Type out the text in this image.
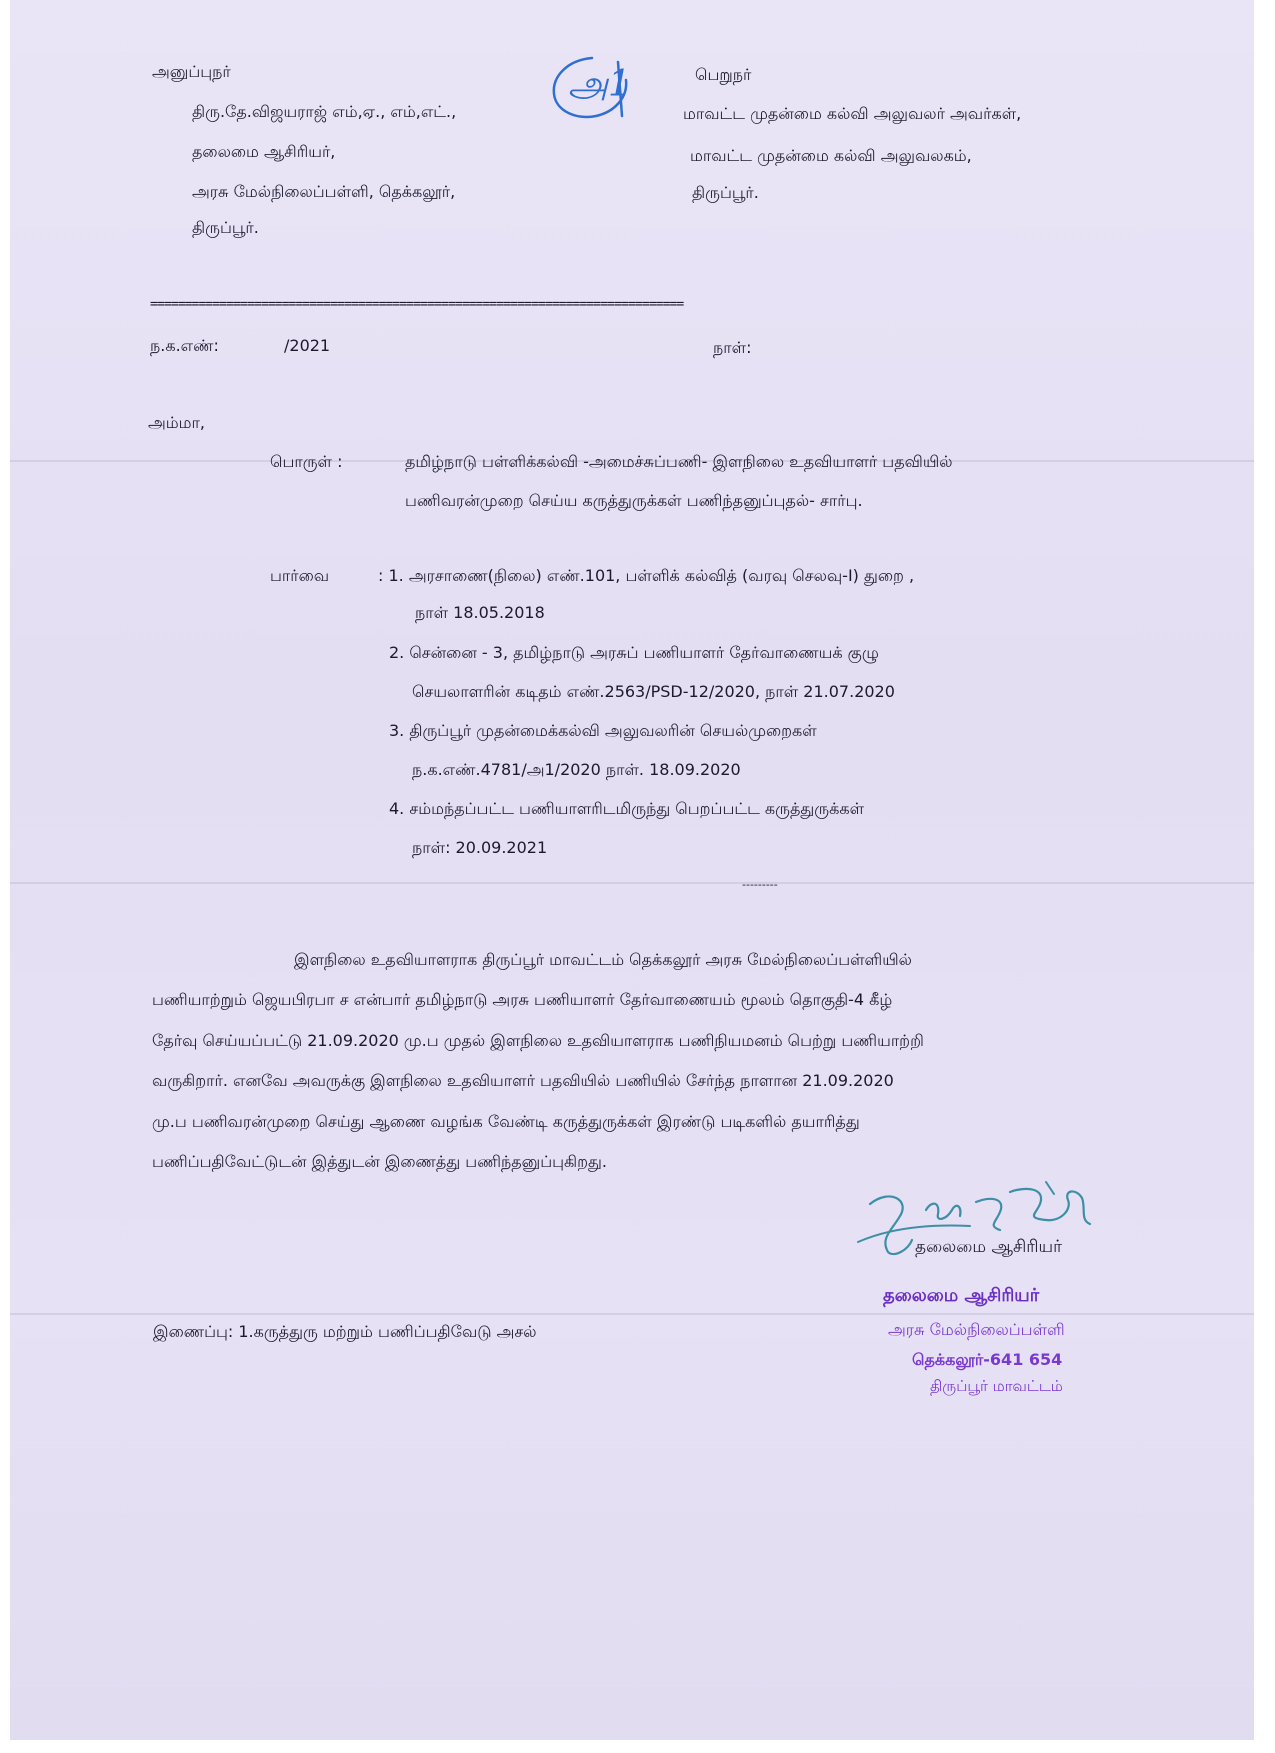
அனுப்புநர்
திரு.தே.விஜயராஜ் எம்,ஏ., எம்,எட்.,
தலைமை ஆசிரியர்,
அரசு மேல்நிலைப்பள்ளி, தெக்கலூர்,
திருப்பூர்.
அ1	பெறுநர்
மாவட்ட முதன்மை கல்வி அலுவலர் அவர்கள்,
மாவட்ட முதன்மை கல்வி அலுவலகம்,
திருப்பூர்.
=============================================================================
ந.க.எண்:	/2021	நாள்:
அம்மா,
பொருள் :	தமிழ்நாடு பள்ளிக்கல்வி -அமைச்சுப்பணி- இளநிலை உதவியாளர் பதவியில்
பணிவரன்முறை செய்ய கருத்துருக்கள் பணிந்தனுப்புதல்- சார்பு.
பார்வை	: 1. அரசாணை(நிலை) எண்.101, பள்ளிக் கல்வித் (வரவு செலவு-I) துறை ,
நாள் 18.05.2018
2. சென்னை - 3, தமிழ்நாடு அரசுப் பணியாளர் தேர்வாணையக் குழு
செயலாளரின் கடிதம் எண்.2563/PSD-12/2020, நாள் 21.07.2020
3. திருப்பூர் முதன்மைக்கல்வி அலுவலரின் செயல்முறைகள்
ந.க.எண்.4781/அ1/2020 நாள். 18.09.2020
4. சம்மந்தப்பட்ட பணியாளரிடமிருந்து பெறப்பட்ட கருத்துருக்கள்
நாள்: 20.09.2021
---------
இளநிலை உதவியாளராக திருப்பூர் மாவட்டம் தெக்கலூர் அரசு மேல்நிலைப்பள்ளியில்
பணியாற்றும் ஜெயபிரபா ச என்பார் தமிழ்நாடு அரசு பணியாளர் தேர்வாணையம் மூலம் தொகுதி-4 கீழ்
தேர்வு செய்யப்பட்டு 21.09.2020 மு.ப முதல் இளநிலை உதவியாளராக பணிநியமனம் பெற்று பணியாற்றி
வருகிறார். எனவே அவருக்கு இளநிலை உதவியாளர் பதவியில் பணியில் சேர்ந்த நாளான 21.09.2020
மு.ப பணிவரன்முறை செய்து ஆணை வழங்க வேண்டி கருத்துருக்கள் இரண்டு படிகளில் தயாரித்து
பணிப்பதிவேட்டுடன் இத்துடன் இணைத்து பணிந்தனுப்புகிறது.
தலைமை ஆசிரியர்
இணைப்பு: 1.கருத்துரு மற்றும் பணிப்பதிவேடு அசல்
தலைமை ஆசிரியர்
அரசு மேல்நிலைப்பள்ளி
தெக்கலூர்-641 654
திருப்பூர் மாவட்டம்
